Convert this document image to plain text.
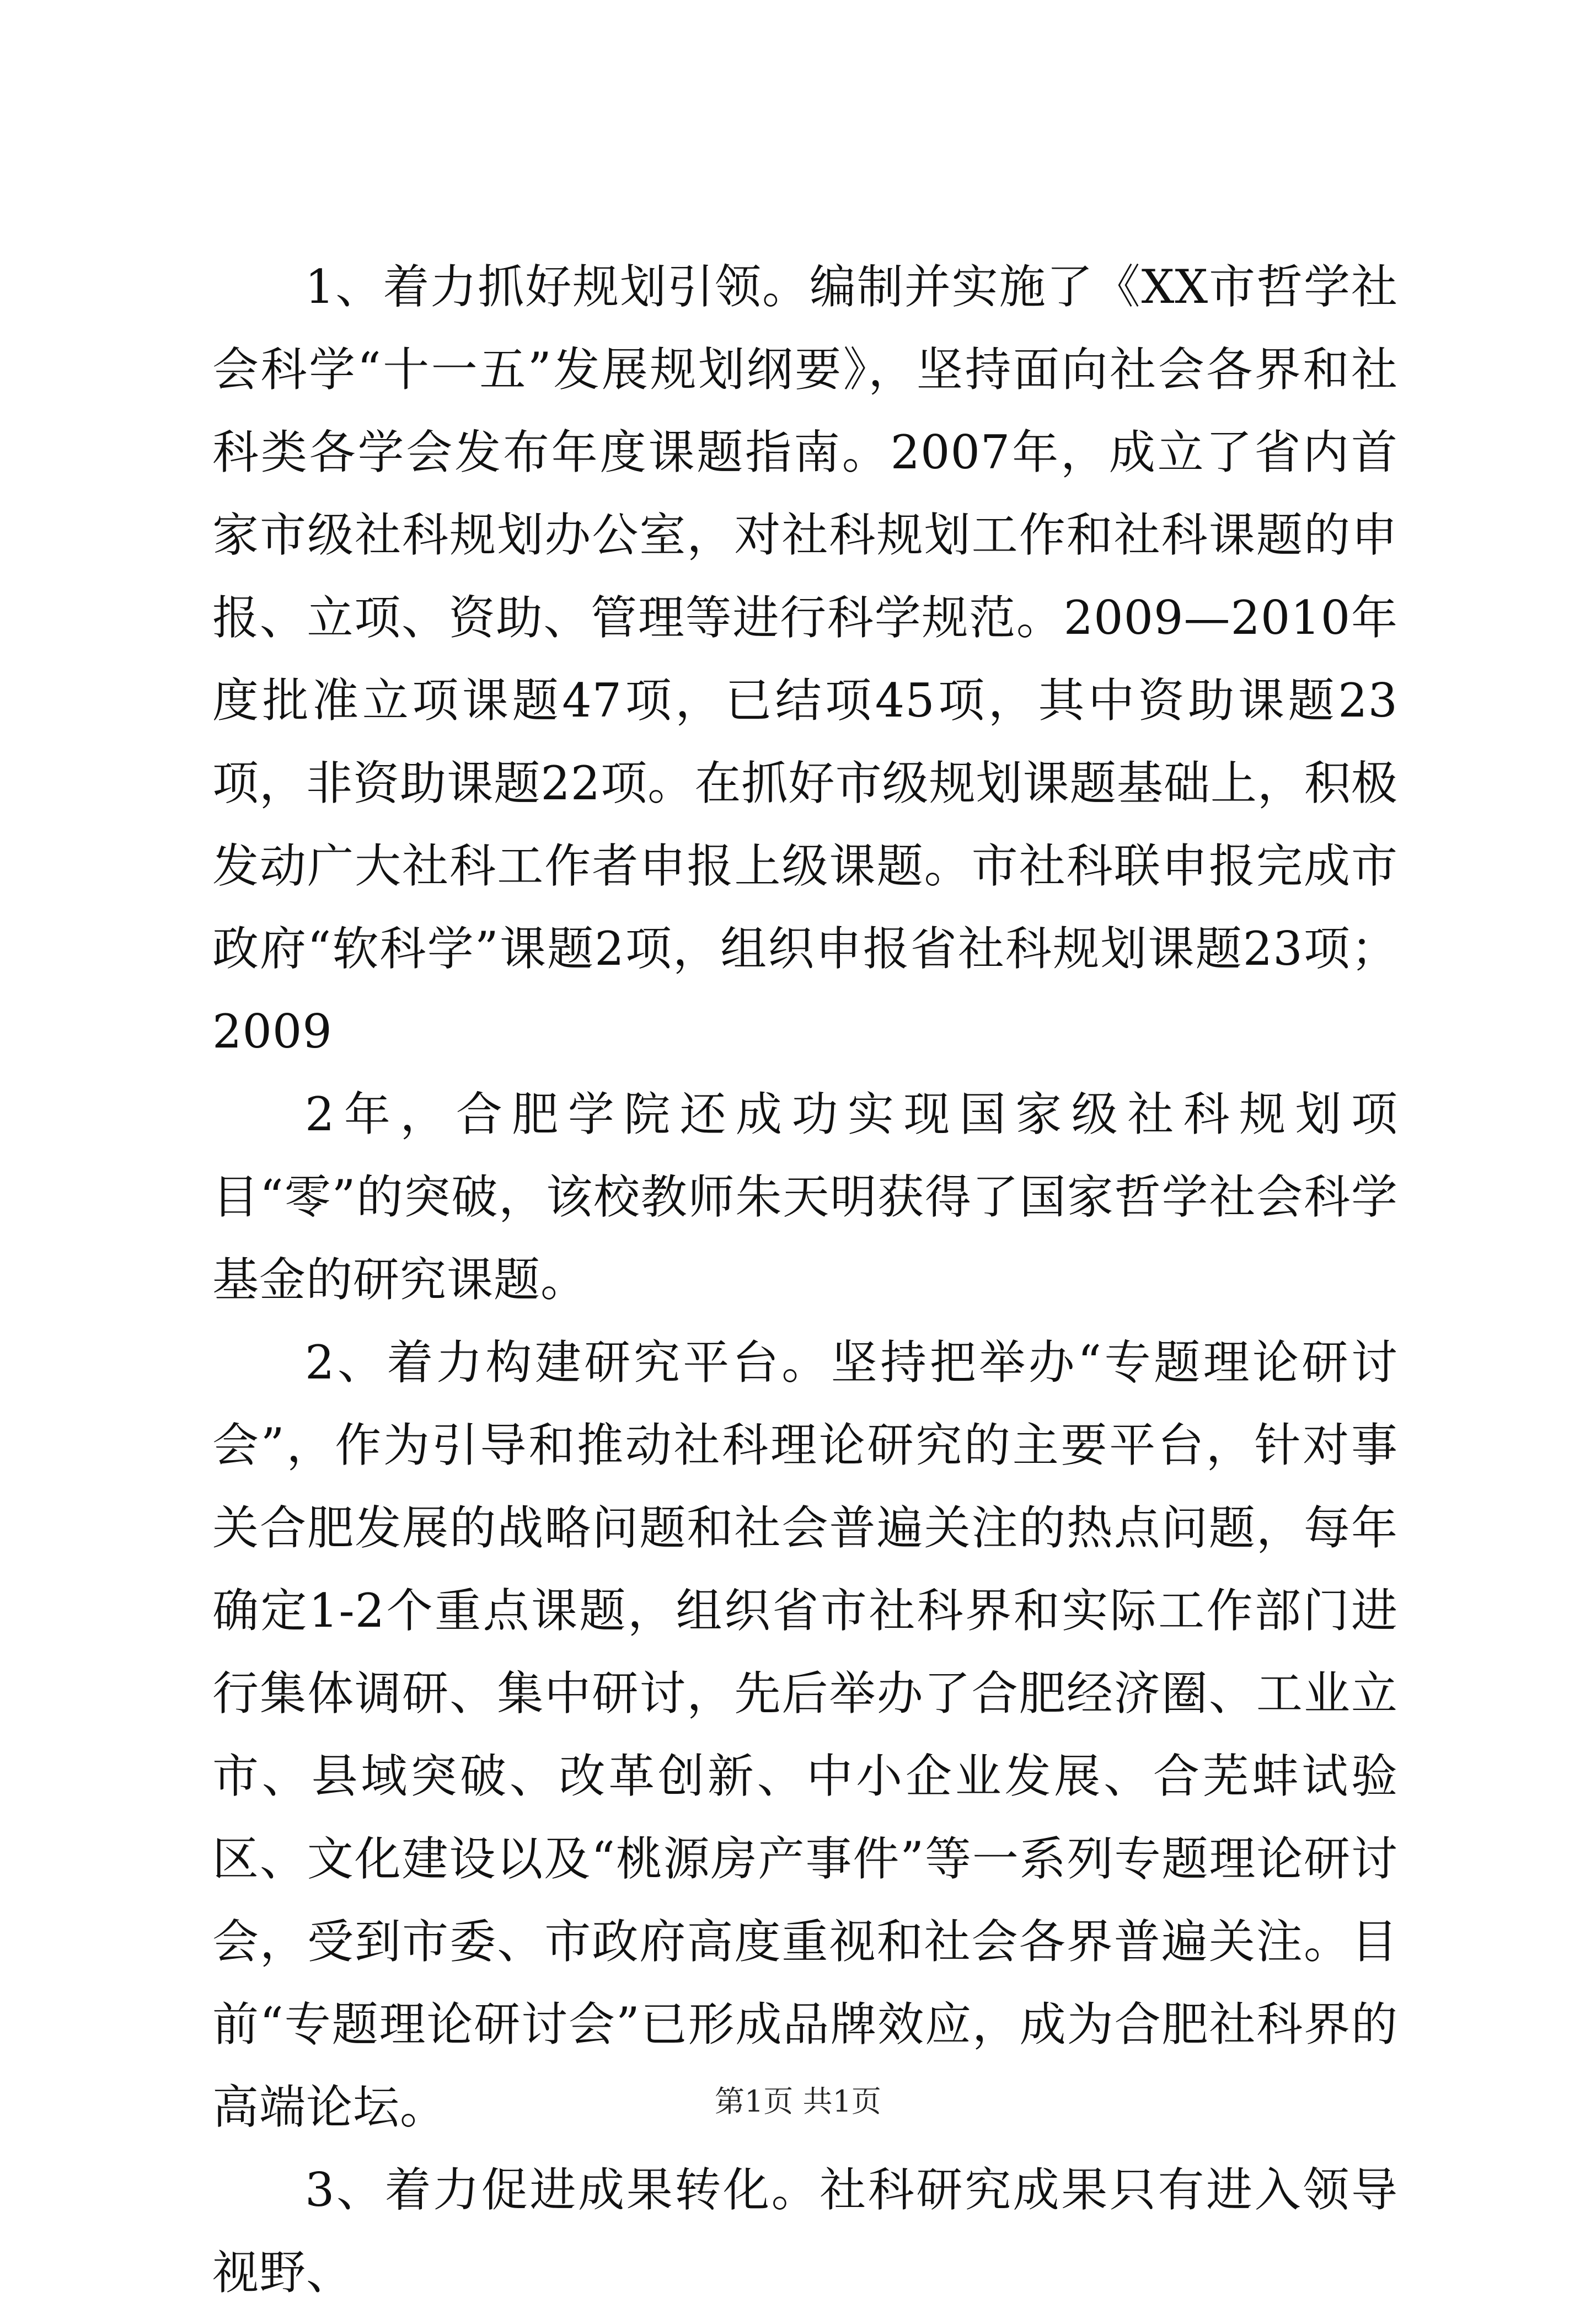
1、着力抓好规划引领。编制并实施了《XX市哲学社会科学“十一五”发展规划纲要》，坚持面向社会各界和社科类各学会发布年度课题指南。2007年，成立了省内首家市级社科规划办公室，对社科规划工作和社科课题的申报、立项、资助、管理等进行科学规范。2009—2010年度批准立项课题47项，已结项45项，其中资助课题23项，非资助课题22项。在抓好市级规划课题基础上，积极发动广大社科工作者申报上级课题。市社科联申报完成市政府“软科学”课题2项，组织申报省社科规划课题23项；2009

2年，合肥学院还成功实现国家级社科规划项目“零”的突破，该校教师朱天明获得了国家哲学社会科学基金的研究课题。

2、着力构建研究平台。坚持把举办“专题理论研讨会”，作为引导和推动社科理论研究的主要平台，针对事关合肥发展的战略问题和社会普遍关注的热点问题，每年确定1-2个重点课题，组织省市社科界和实际工作部门进行集体调研、集中研讨，先后举办了合肥经济圈、工业立市、县域突破、改革创新、中小企业发展、合芜蚌试验区、文化建设以及“桃源房产事件”等一系列专题理论研讨会，受到市委、市政府高度重视和社会各界普遍关注。目前“专题理论研讨会”已形成品牌效应，成为合肥社科界的高端论坛。

3、着力促进成果转化。社科研究成果只有进入领导视野、

第1页 共1页
